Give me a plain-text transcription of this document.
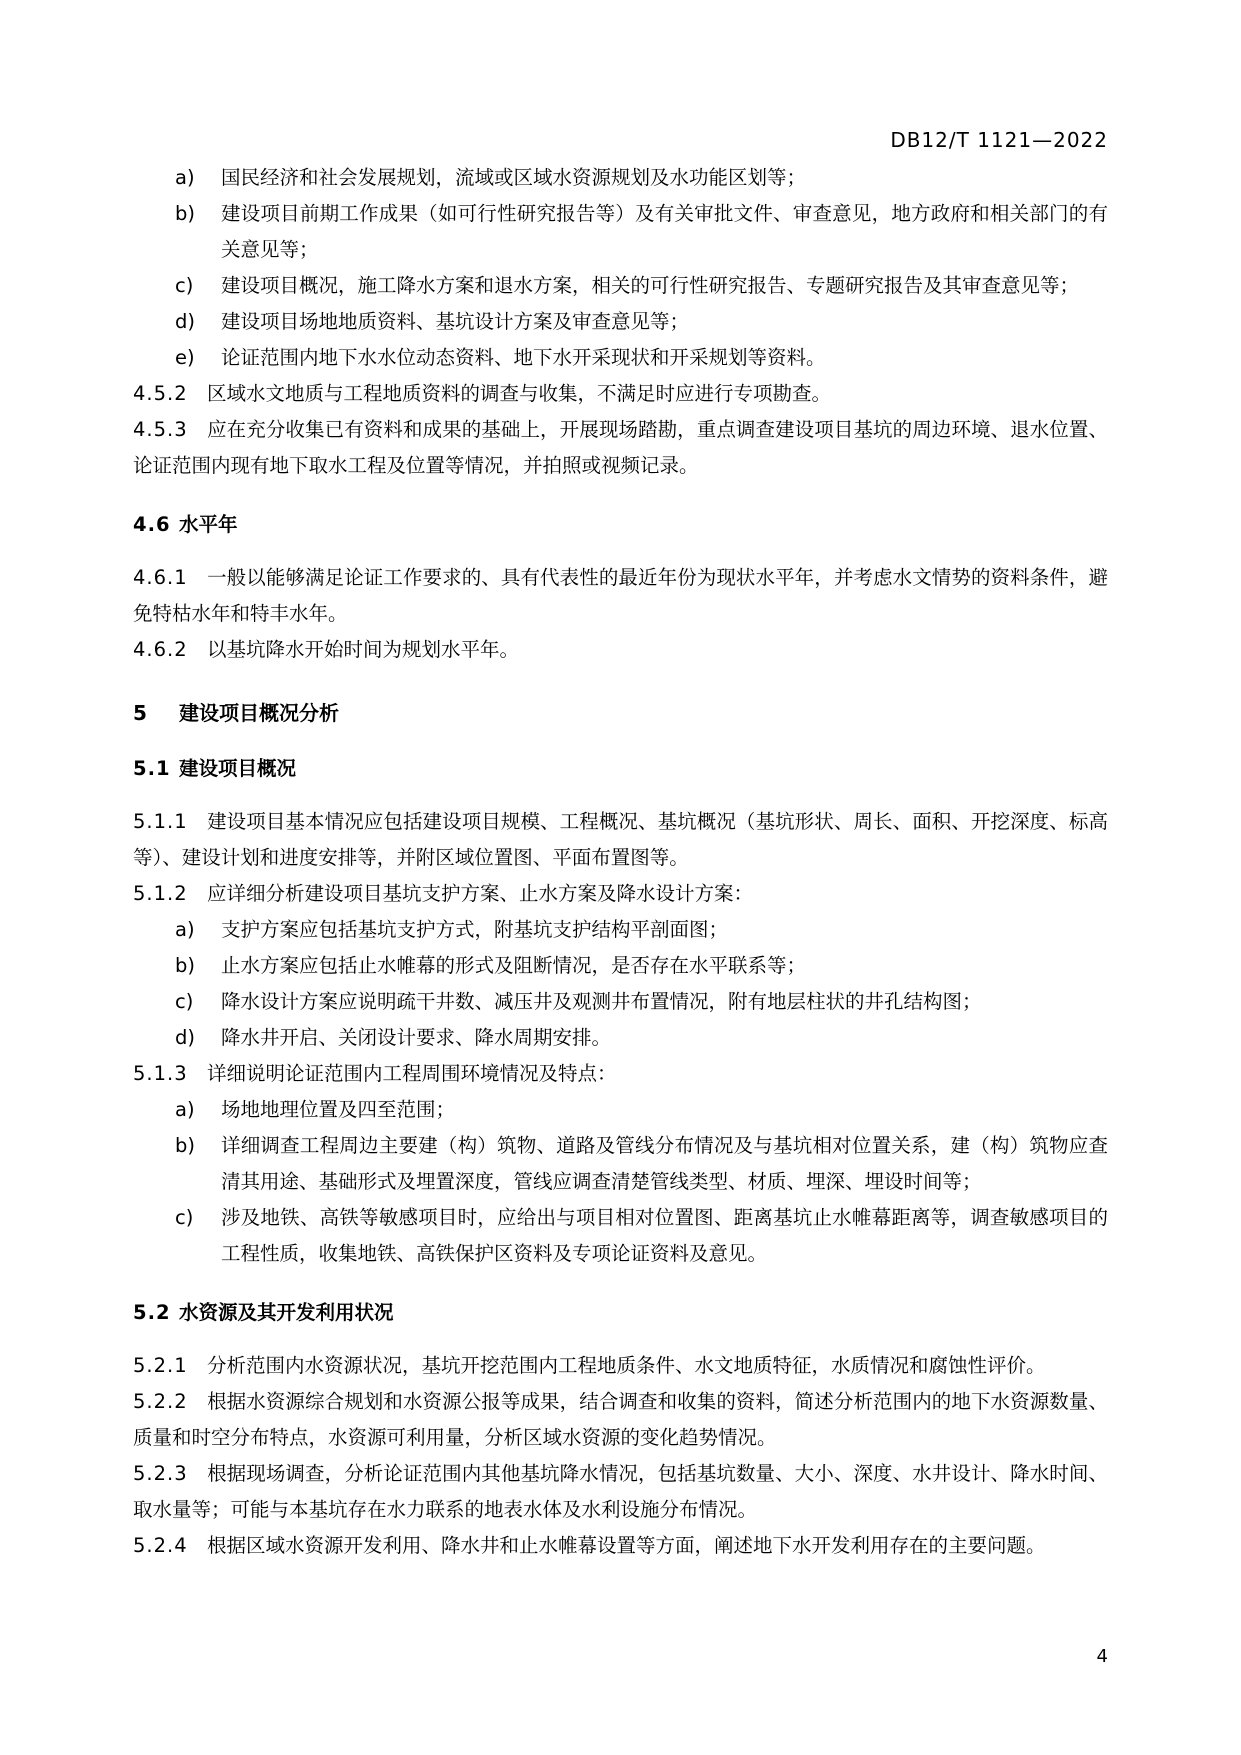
DB12/T 1121—2022
a) 国民经济和社会发展规划，流域或区域水资源规划及水功能区划等；
b) 建设项目前期工作成果（如可行性研究报告等）及有关审批文件、审查意见，地方政府和相关部门的有关意见等；
c) 建设项目概况，施工降水方案和退水方案，相关的可行性研究报告、专题研究报告及其审查意见等；
d) 建设项目场地地质资料、基坑设计方案及审查意见等；
e) 论证范围内地下水水位动态资料、地下水开采现状和开采规划等资料。
4.5.2 区域水文地质与工程地质资料的调查与收集，不满足时应进行专项勘查。
4.5.3 应在充分收集已有资料和成果的基础上，开展现场踏勘，重点调查建设项目基坑的周边环境、退水位置、论证范围内现有地下取水工程及位置等情况，并拍照或视频记录。
4.6 水平年
4.6.1 一般以能够满足论证工作要求的、具有代表性的最近年份为现状水平年，并考虑水文情势的资料条件，避免特枯水年和特丰水年。
4.6.2 以基坑降水开始时间为规划水平年。
5 建设项目概况分析
5.1 建设项目概况
5.1.1 建设项目基本情况应包括建设项目规模、工程概况、基坑概况（基坑形状、周长、面积、开挖深度、标高等）、建设计划和进度安排等，并附区域位置图、平面布置图等。
5.1.2 应详细分析建设项目基坑支护方案、止水方案及降水设计方案：
a) 支护方案应包括基坑支护方式，附基坑支护结构平剖面图；
b) 止水方案应包括止水帷幕的形式及阻断情况，是否存在水平联系等；
c) 降水设计方案应说明疏干井数、减压井及观测井布置情况，附有地层柱状的井孔结构图；
d) 降水井开启、关闭设计要求、降水周期安排。
5.1.3 详细说明论证范围内工程周围环境情况及特点：
a) 场地地理位置及四至范围；
b) 详细调查工程周边主要建（构）筑物、道路及管线分布情况及与基坑相对位置关系，建（构）筑物应查清其用途、基础形式及埋置深度，管线应调查清楚管线类型、材质、埋深、埋设时间等；
c) 涉及地铁、高铁等敏感项目时，应给出与项目相对位置图、距离基坑止水帷幕距离等，调查敏感项目的工程性质，收集地铁、高铁保护区资料及专项论证资料及意见。
5.2 水资源及其开发利用状况
5.2.1 分析范围内水资源状况，基坑开挖范围内工程地质条件、水文地质特征，水质情况和腐蚀性评价。
5.2.2 根据水资源综合规划和水资源公报等成果，结合调查和收集的资料，简述分析范围内的地下水资源数量、质量和时空分布特点，水资源可利用量，分析区域水资源的变化趋势情况。
5.2.3 根据现场调查，分析论证范围内其他基坑降水情况，包括基坑数量、大小、深度、水井设计、降水时间、取水量等；可能与本基坑存在水力联系的地表水体及水利设施分布情况。
5.2.4 根据区域水资源开发利用、降水井和止水帷幕设置等方面，阐述地下水开发利用存在的主要问题。
4
